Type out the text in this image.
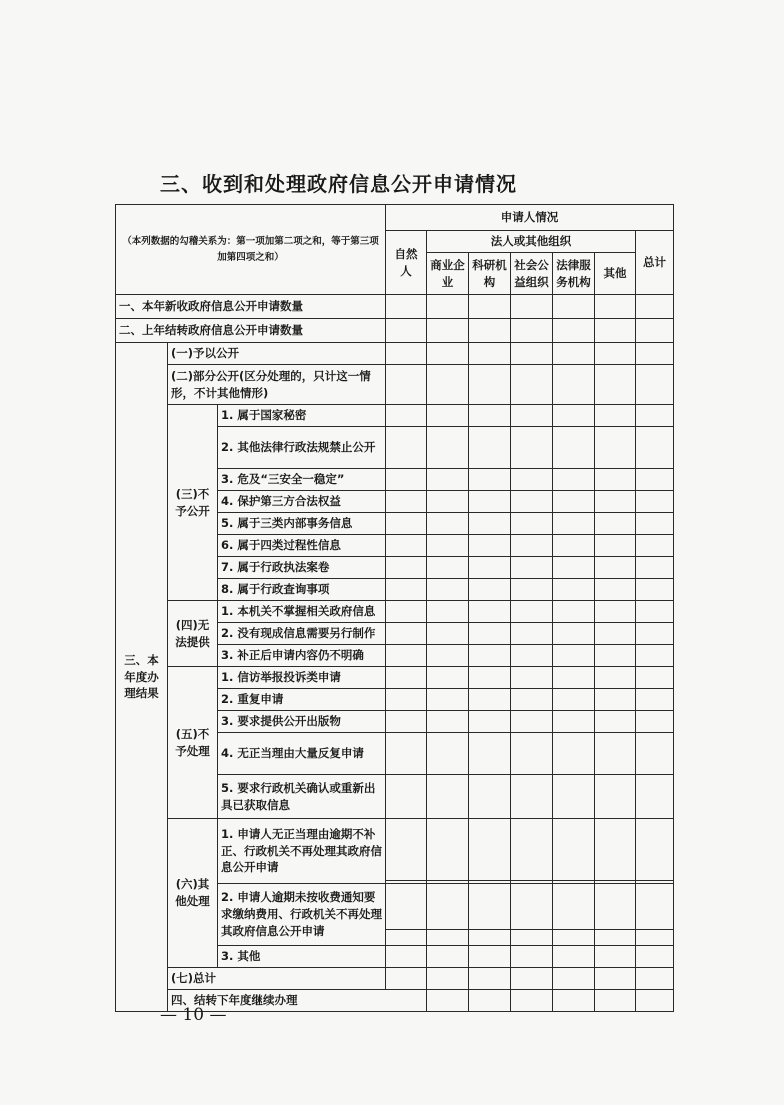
三、收到和处理政府信息公开申请情况
（本列数据的勾稽关系为：第一项加第二项之和，等于第三项加第四项之和）			申请人情况							
			自然人	法人或其他组织					总计	
				商业企业	科研机构	社会公益组织	法律服务机构	其他		
一、本年新收政府信息公开申请数量										
二、上年结转政府信息公开申请数量										
三、本年度办理结果	(一)予以公开									
	(二)部分公开(区分处理的，只计这一情形，不计其他情形)									
	(三)不予公开	1. 属于国家秘密								
		2. 其他法律行政法规禁止公开								
		3. 危及“三安全一稳定”								
		4. 保护第三方合法权益								
		5. 属于三类内部事务信息								
		6. 属于四类过程性信息								
		7. 属于行政执法案卷								
		8. 属于行政查询事项								
	(四)无法提供	1. 本机关不掌握相关政府信息								
		2. 没有现成信息需要另行制作								
		3. 补正后申请内容仍不明确								
	(五)不予处理	1. 信访举报投诉类申请								
		2. 重复申请								
		3. 要求提供公开出版物								
		4. 无正当理由大量反复申请								
		5. 要求行政机关确认或重新出具已获取信息								
	(六)其他处理	1. 申请人无正当理由逾期不补正、行政机关不再处理其政府信息公开申请								

		2. 申请人逾期未按收费通知要求缴纳费用、行政机关不再处理其政府信息公开申请								

		3. 其他								
	(七)总计									
	四、结转下年度继续办理									
— 10 —
